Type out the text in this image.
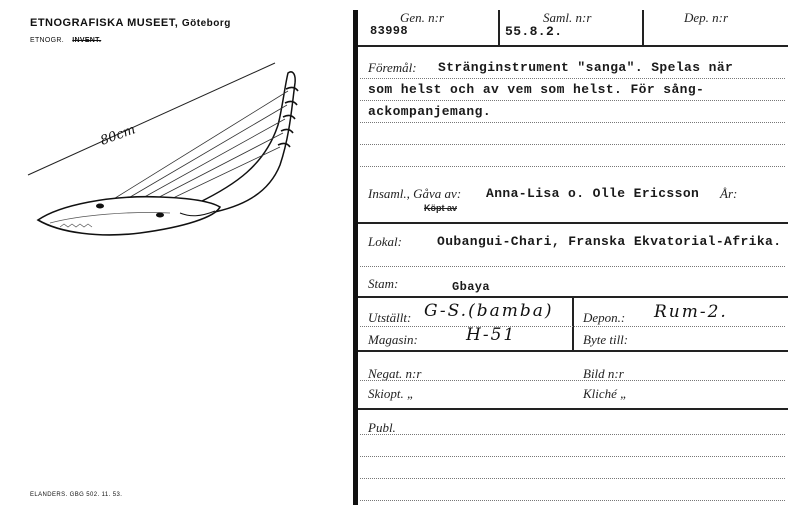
ETNOGRAFISKA MUSEET, Göteborg
ETNOGR. INVENT.
80cm
ELANDERS. GBG 502. 11. 53.
Gen. n:r
83998
Saml. n:r
55.8.2.
Dep. n:r
Föremål: Stränginstrument "sanga". Spelas när
som helst och av vem som helst. För sång-
ackompanjemang.
Insaml., Gåva av: Anna-Lisa o. Olle Ericsson År:
Köpt av
Lokal:	Oubangui-Chari, Franska Ekvatorial-Afrika.
Stam:	Gbaya
Utställt: G-S.(bamba) Depon.: Rum-2.
Magasin:	H-51	Byte till:
Negat. n:r	Bild n:r
Skiopt. „	Kliché „
Publ.
